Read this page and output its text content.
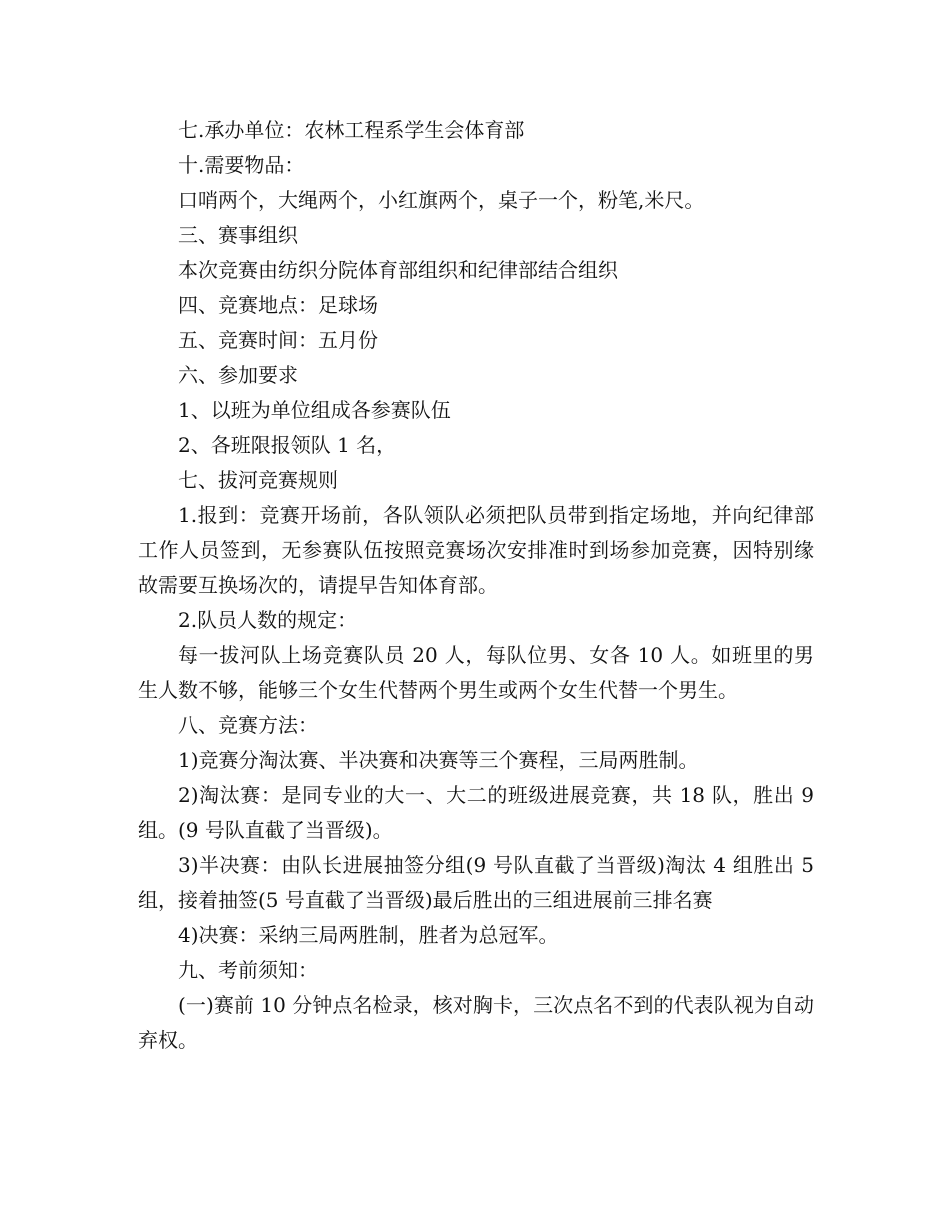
七.承办单位：农林工程系学生会体育部

十.需要物品：

口哨两个，大绳两个，小红旗两个，桌子一个，粉笔,米尺。

三、赛事组织

本次竞赛由纺织分院体育部组织和纪律部结合组织

四、竞赛地点：足球场

五、竞赛时间：五月份

六、参加要求

1、以班为单位组成各参赛队伍

2、各班限报领队 1 名，

七、拔河竞赛规则

1.报到：竞赛开场前，各队领队必须把队员带到指定场地，并向纪律部工作人员签到，无参赛队伍按照竞赛场次安排准时到场参加竞赛，因特别缘故需要互换场次的，请提早告知体育部。

2.队员人数的规定：

每一拔河队上场竞赛队员 20 人，每队位男、女各 10 人。如班里的男生人数不够，能够三个女生代替两个男生或两个女生代替一个男生。

八、竞赛方法：

1)竞赛分淘汰赛、半决赛和决赛等三个赛程，三局两胜制。

2)淘汰赛：是同专业的大一、大二的班级进展竞赛，共 18 队，胜出 9 组。(9 号队直截了当晋级)。

3)半决赛：由队长进展抽签分组(9 号队直截了当晋级)淘汰 4 组胜出 5 组，接着抽签(5 号直截了当晋级)最后胜出的三组进展前三排名赛

4)决赛：采纳三局两胜制，胜者为总冠军。

九、考前须知：

(一)赛前 10 分钟点名检录，核对胸卡，三次点名不到的代表队视为自动弃权。
